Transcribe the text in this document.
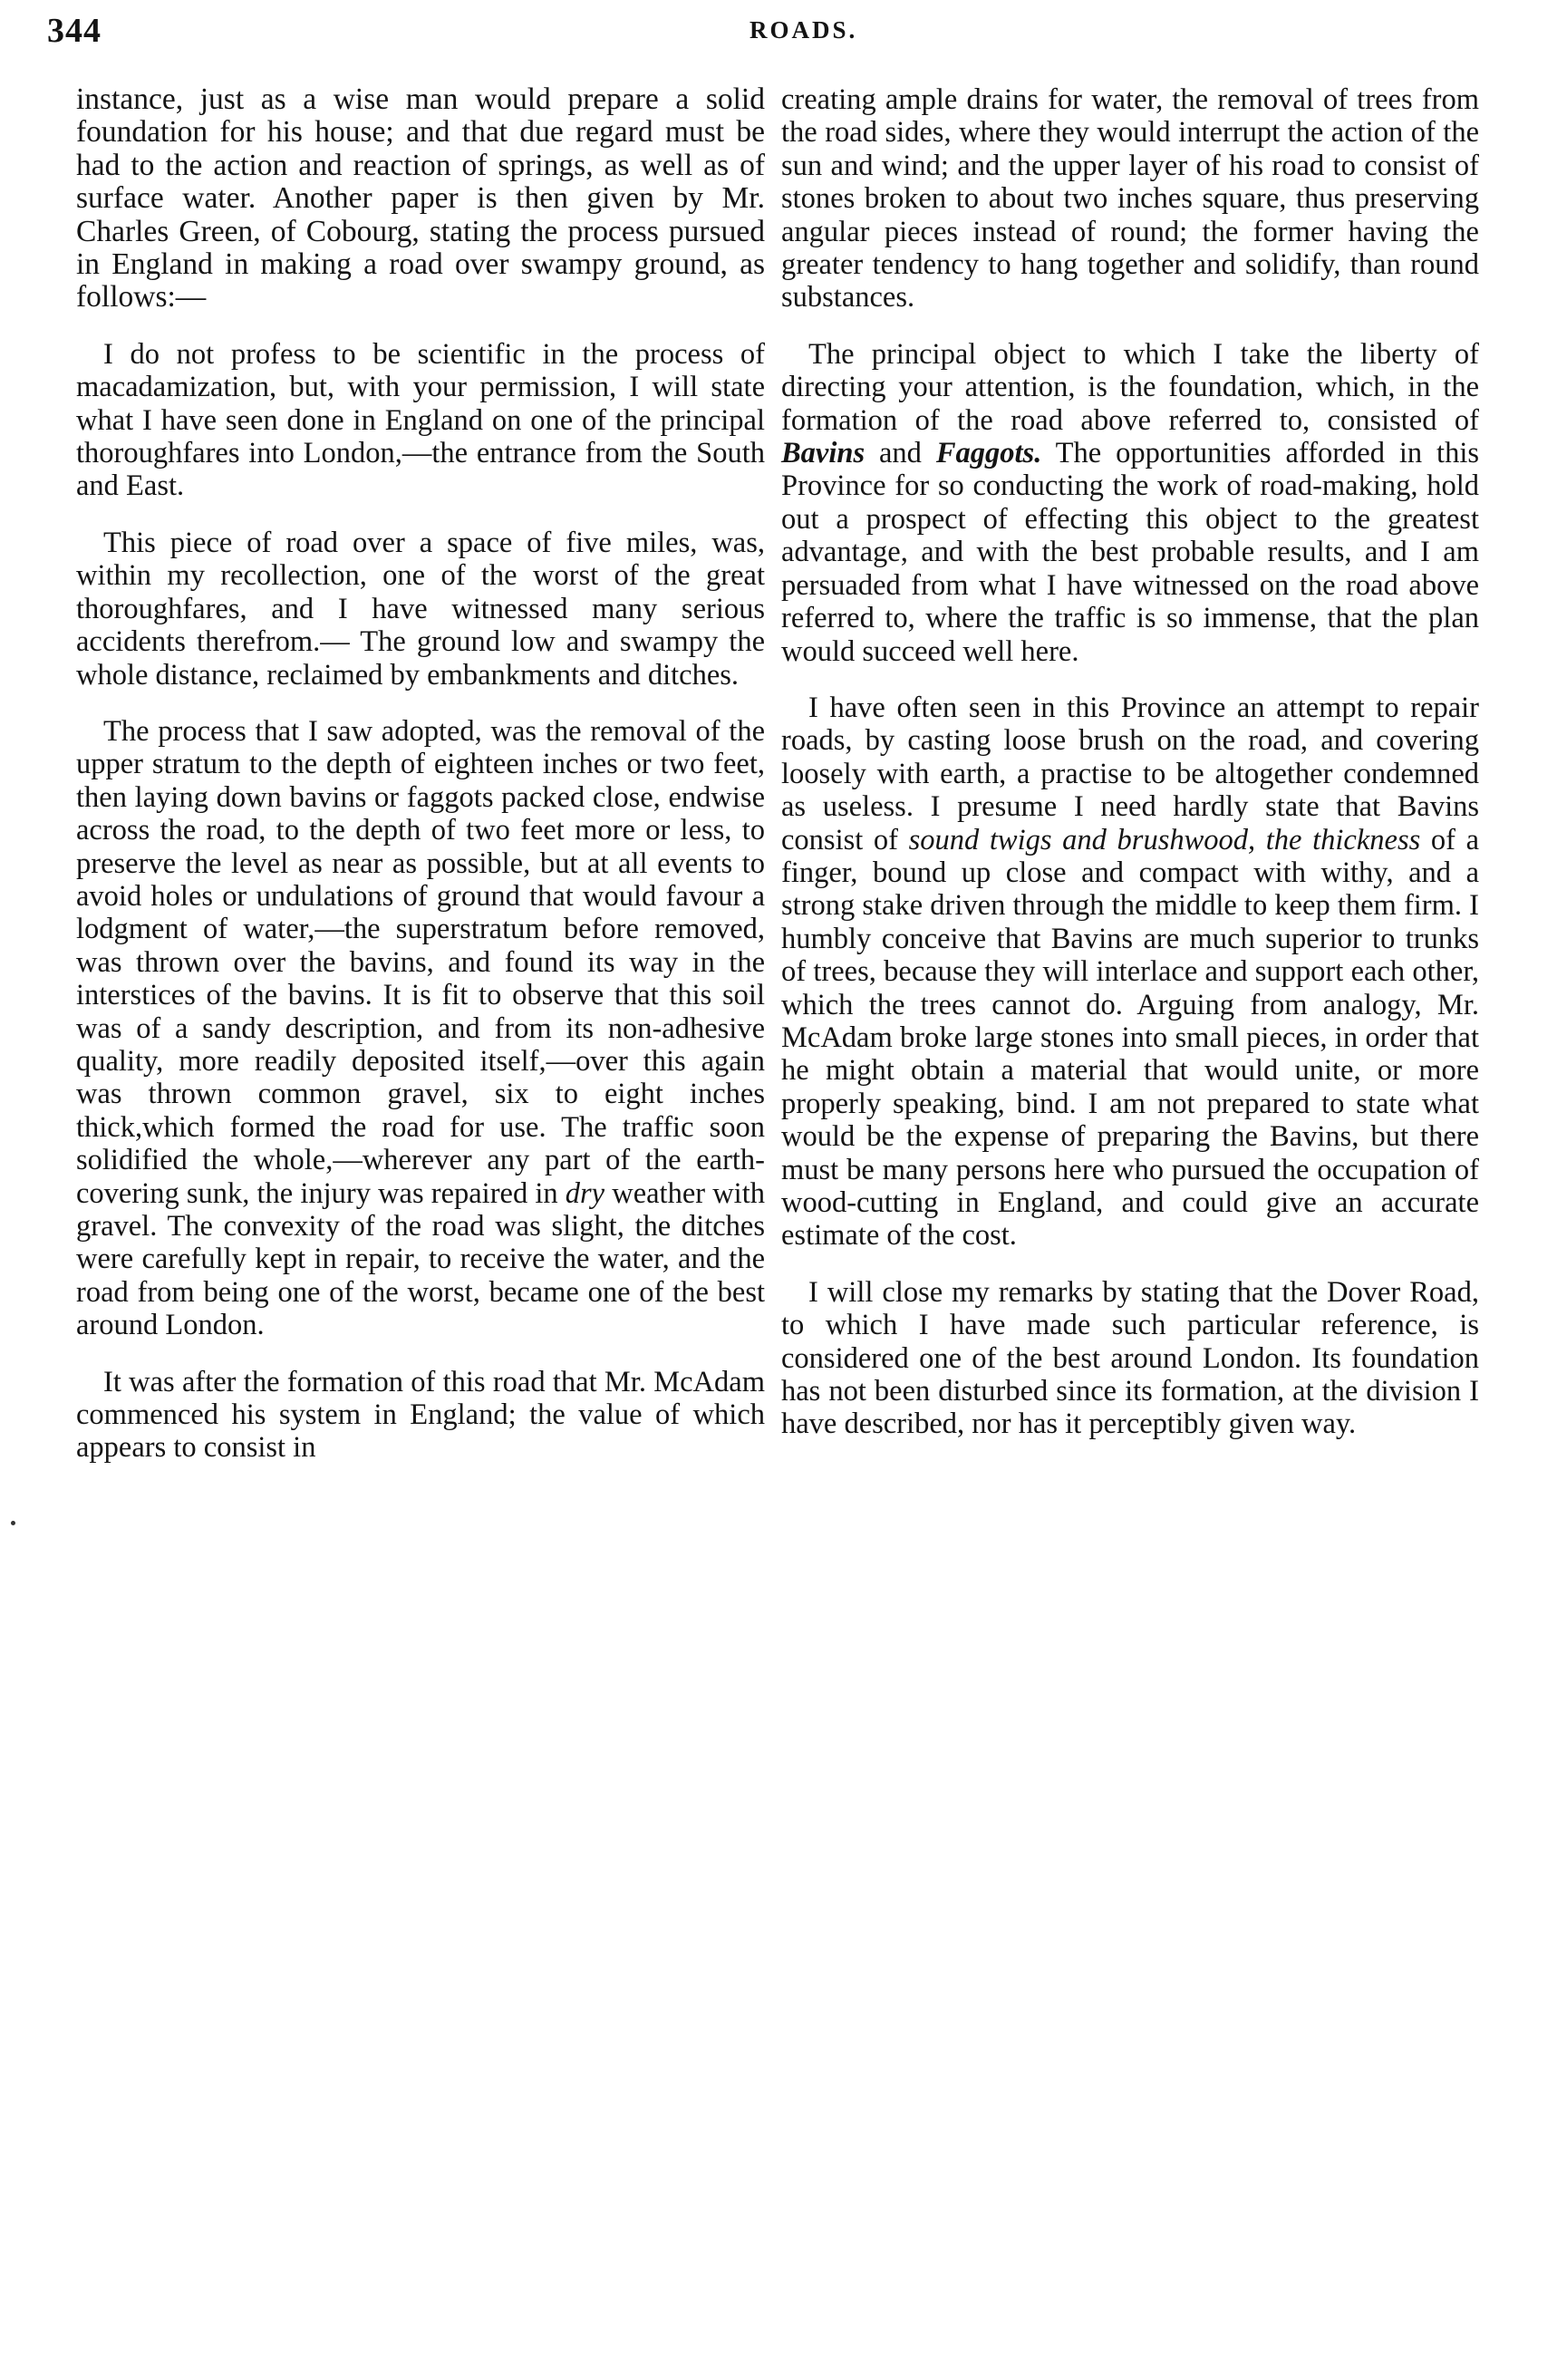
344	ROADS.

instance, just as a wise man would prepare a solid foundation for his house; and that due regard must be had to the action and reaction of springs, as well as of surface water. Another paper is then given by Mr. Charles Green, of Cobourg, stating the process pursued in England in making a road over swampy ground, as follows:—

I do not profess to be scientific in the process of macadamization, but, with your permission, I will state what I have seen done in England on one of the principal thoroughfares into London,—the entrance from the South and East.

This piece of road over a space of five miles, was, within my recollection, one of the worst of the great thoroughfares, and I have witnessed many serious accidents therefrom.— The ground low and swampy the whole distance, reclaimed by embankments and ditches.

The process that I saw adopted, was the removal of the upper stratum to the depth of eighteen inches or two feet, then laying down bavins or faggots packed close, endwise across the road, to the depth of two feet more or less, to preserve the level as near as possible, but at all events to avoid holes or undulations of ground that would favour a lodgment of water,—the superstratum before removed, was thrown over the bavins, and found its way in the interstices of the bavins. It is fit to observe that this soil was of a sandy description, and from its non-adhesive quality, more readily deposited itself,—over this again was thrown common gravel, six to eight inches thick,which formed the road for use. The traffic soon solidified the whole,—wherever any part of the earth-covering sunk, the injury was repaired in dry weather with gravel. The convexity of the road was slight, the ditches were carefully kept in repair, to receive the water, and the road from being one of the worst, became one of the best around London.

It was after the formation of this road that Mr. McAdam commenced his system in England; the value of which appears to consist in

creating ample drains for water, the removal of trees from the road sides, where they would interrupt the action of the sun and wind; and the upper layer of his road to consist of stones broken to about two inches square, thus preserving angular pieces instead of round; the former having the greater tendency to hang together and solidify, than round substances.

The principal object to which I take the liberty of directing your attention, is the foundation, which, in the formation of the road above referred to, consisted of Bavins and Faggots. The opportunities afforded in this Province for so conducting the work of road-making, hold out a prospect of effecting this object to the greatest advantage, and with the best probable results, and I am persuaded from what I have witnessed on the road above referred to, where the traffic is so immense, that the plan would succeed well here.

I have often seen in this Province an attempt to repair roads, by casting loose brush on the road, and covering loosely with earth, a practise to be altogether condemned as useless. I presume I need hardly state that Bavins consist of sound twigs and brushwood, the thickness of a finger, bound up close and compact with withy, and a strong stake driven through the middle to keep them firm. I humbly conceive that Bavins are much superior to trunks of trees, because they will interlace and support each other, which the trees cannot do. Arguing from analogy, Mr. McAdam broke large stones into small pieces, in order that he might obtain a material that would unite, or more properly speaking, bind. I am not prepared to state what would be the expense of preparing the Bavins, but there must be many persons here who pursued the occupation of wood-cutting in England, and could give an accurate estimate of the cost.

I will close my remarks by stating that the Dover Road, to which I have made such particular reference, is considered one of the best around London. Its foundation has not been disturbed since its formation, at the division I have described, nor has it perceptibly given way.
